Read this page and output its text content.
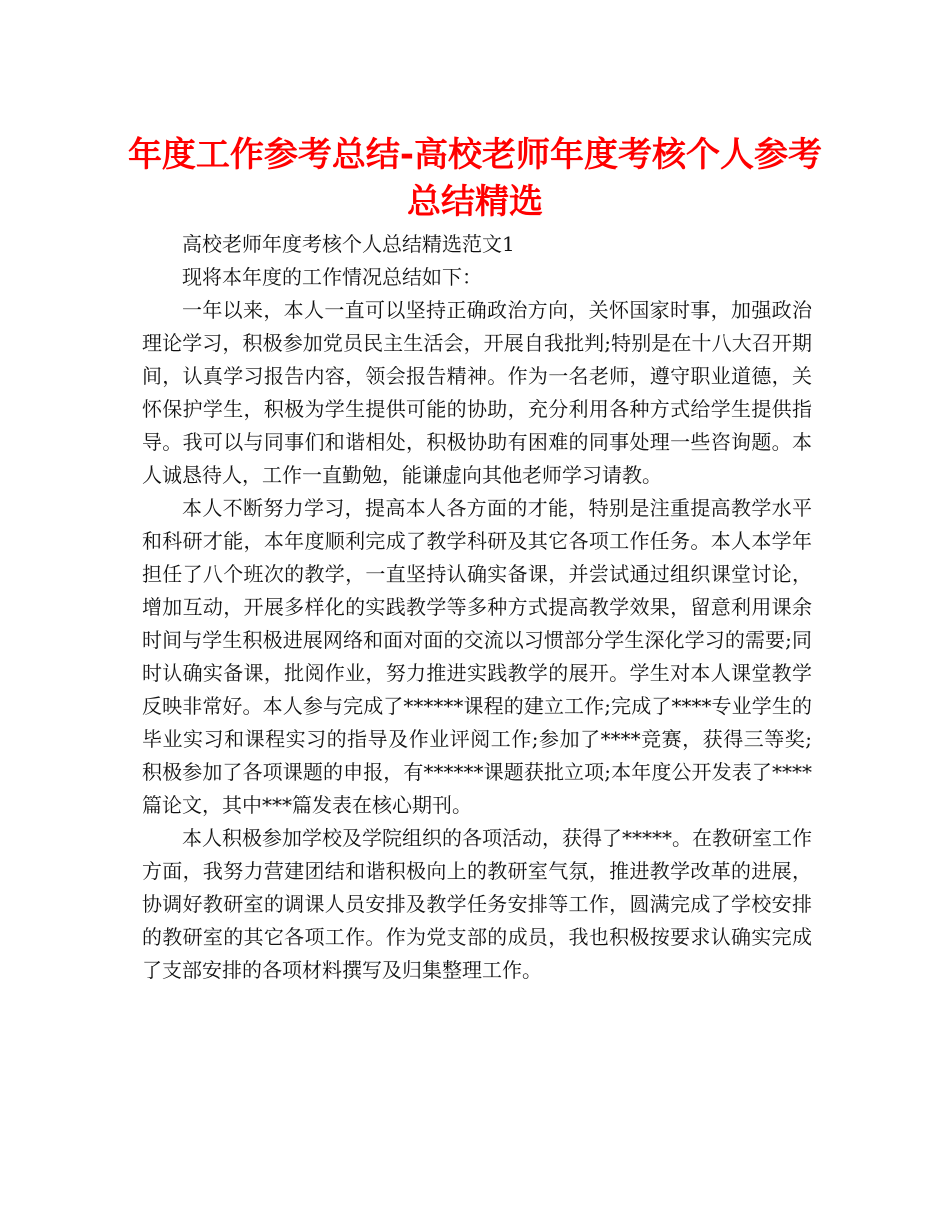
年度工作参考总结-高校老师年度考核个人参考总结精选

高校老师年度考核个人总结精选范文1

现将本年度的工作情况总结如下：

一年以来，本人一直可以坚持正确政治方向，关怀国家时事，加强政治理论学习，积极参加党员民主生活会，开展自我批判;特别是在十八大召开期间，认真学习报告内容，领会报告精神。作为一名老师，遵守职业道德，关怀保护学生，积极为学生提供可能的协助，充分利用各种方式给学生提供指导。我可以与同事们和谐相处，积极协助有困难的同事处理一些咨询题。本人诚恳待人，工作一直勤勉，能谦虚向其他老师学习请教。

本人不断努力学习，提高本人各方面的才能，特别是注重提高教学水平和科研才能，本年度顺利完成了教学科研及其它各项工作任务。本人本学年担任了八个班次的教学，一直坚持认确实备课，并尝试通过组织课堂讨论，增加互动，开展多样化的实践教学等多种方式提高教学效果，留意利用课余时间与学生积极进展网络和面对面的交流以习惯部分学生深化学习的需要;同时认确实备课，批阅作业，努力推进实践教学的展开。学生对本人课堂教学反映非常好。本人参与完成了******课程的建立工作;完成了****专业学生的毕业实习和课程实习的指导及作业评阅工作;参加了****竞赛，获得三等奖;积极参加了各项课题的申报，有******课题获批立项;本年度公开发表了****篇论文，其中***篇发表在核心期刊。

本人积极参加学校及学院组织的各项活动，获得了*****。在教研室工作方面，我努力营建团结和谐积极向上的教研室气氛，推进教学改革的进展，协调好教研室的调课人员安排及教学任务安排等工作，圆满完成了学校安排的教研室的其它各项工作。作为党支部的成员，我也积极按要求认确实完成了支部安排的各项材料撰写及归集整理工作。
